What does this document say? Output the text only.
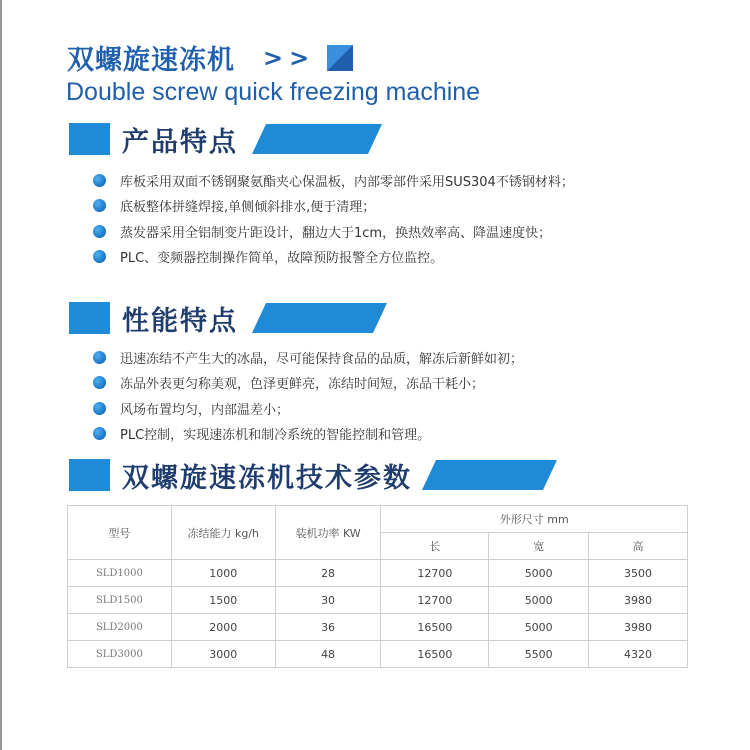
双螺旋速冻机 >>
Double screw quick freezing machine
产品特点
库板采用双面不锈钢聚氨酯夹心保温板，内部零部件采用SUS304不锈钢材料；
底板整体拼缝焊接,单侧倾斜排水,便于清理；
蒸发器采用全铝制变片距设计，翻边大于1cm，换热效率高、降温速度快；
PLC、变频器控制操作简单，故障预防报警全方位监控。
性能特点
迅速冻结不产生大的冰晶，尽可能保持食品的品质，解冻后新鲜如初；
冻品外表更匀称美观，色泽更鲜亮，冻结时间短，冻品干耗小；
风场布置均匀，内部温差小；
PLC控制，实现速冻机和制冷系统的智能控制和管理。
双螺旋速冻机技术参数
型号	冻结能力 kg/h	装机功率 KW	外形尺寸 mm		
			长	宽	高
SLD1000	1000	28	12700	5000	3500
SLD1500	1500	30	12700	5000	3980
SLD2000	2000	36	16500	5000	3980
SLD3000	3000	48	16500	5500	4320
